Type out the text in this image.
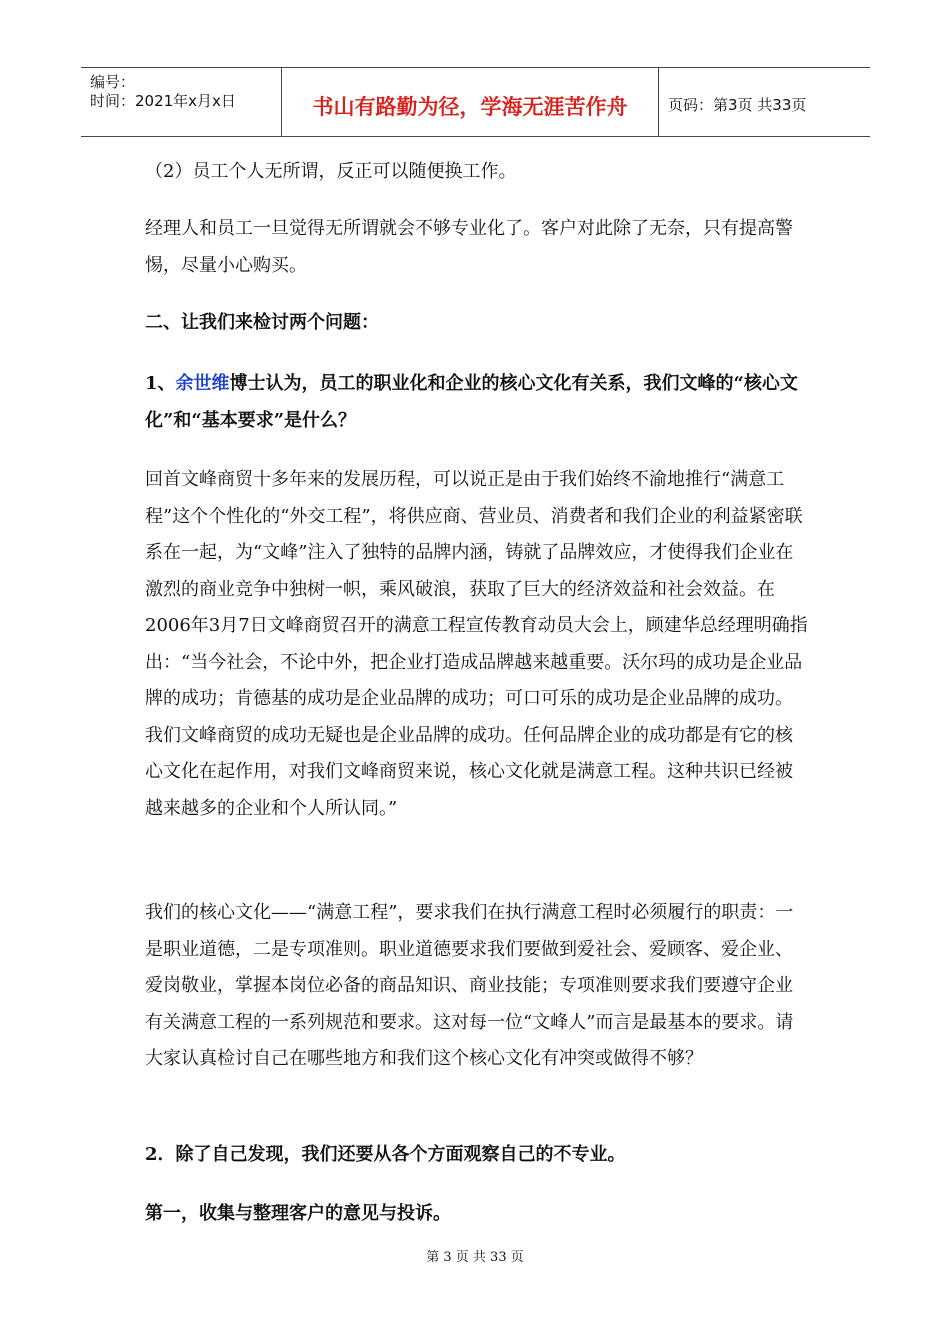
编号：
时间：2021年x月x日	书山有路勤为径，学海无涯苦作舟	页码：第3页 共33页

（2）员工个人无所谓，反正可以随便换工作。

经理人和员工一旦觉得无所谓就会不够专业化了。客户对此除了无奈，只有提高警惕，尽量小心购买。

二、让我们来检讨两个问题：

1、余世维博士认为，员工的职业化和企业的核心文化有关系，我们文峰的“核心文化”和“基本要求”是什么？

回首文峰商贸十多年来的发展历程，可以说正是由于我们始终不渝地推行“满意工程”这个个性化的“外交工程”，将供应商、营业员、消费者和我们企业的利益紧密联系在一起，为“文峰”注入了独特的品牌内涵，铸就了品牌效应，才使得我们企业在激烈的商业竞争中独树一帜，乘风破浪，获取了巨大的经济效益和社会效益。在2006年3月7日文峰商贸召开的满意工程宣传教育动员大会上，顾建华总经理明确指出：“当今社会，不论中外，把企业打造成品牌越来越重要。沃尔玛的成功是企业品牌的成功；肯德基的成功是企业品牌的成功；可口可乐的成功是企业品牌的成功。我们文峰商贸的成功无疑也是企业品牌的成功。任何品牌企业的成功都是有它的核心文化在起作用，对我们文峰商贸来说，核心文化就是满意工程。这种共识已经被越来越多的企业和个人所认同。”

我们的核心文化——“满意工程”，要求我们在执行满意工程时必须履行的职责：一是职业道德，二是专项准则。职业道德要求我们要做到爱社会、爱顾客、爱企业、爱岗敬业，掌握本岗位必备的商品知识、商业技能；专项准则要求我们要遵守企业有关满意工程的一系列规范和要求。这对每一位“文峰人”而言是最基本的要求。请大家认真检讨自己在哪些地方和我们这个核心文化有冲突或做得不够？

2．除了自己发现，我们还要从各个方面观察自己的不专业。

第一，收集与整理客户的意见与投诉。

第 3 页 共 33 页
